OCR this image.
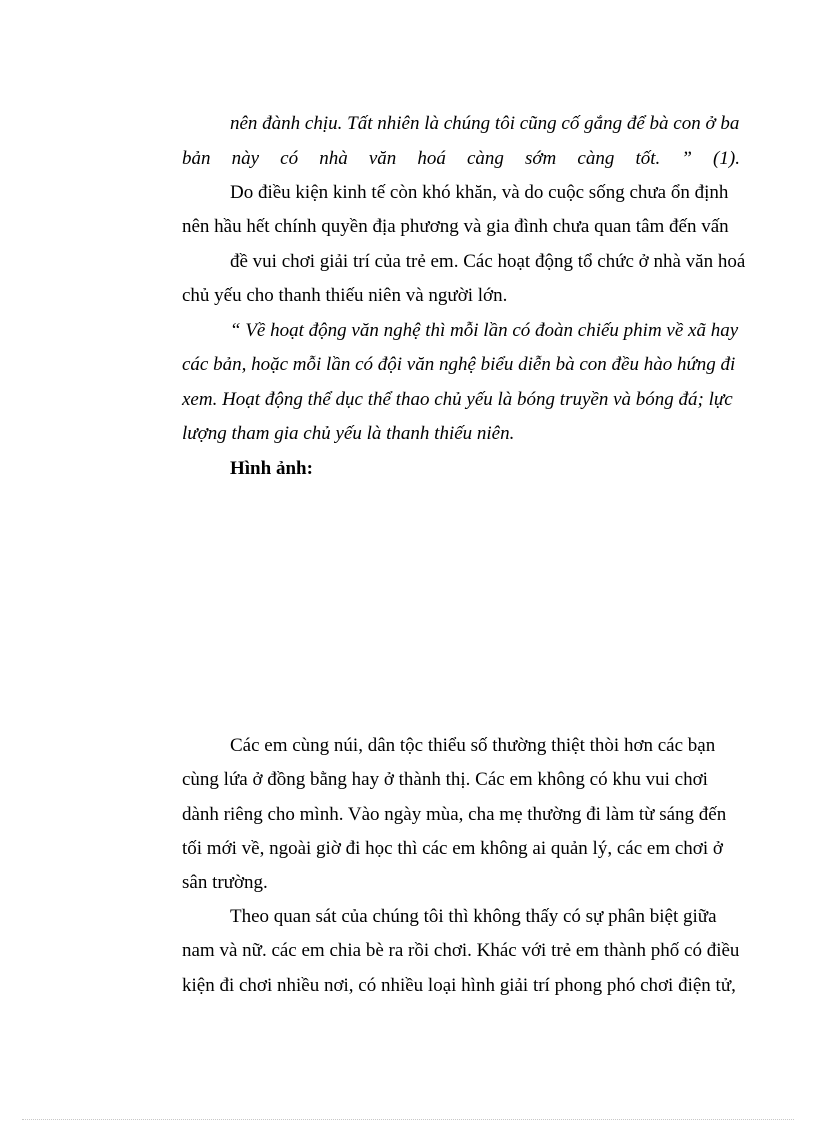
nên đành chịu. Tất nhiên là chúng tôi cũng cố gắng để bà con ở ba
bản này có nhà văn hoá càng sớm càng tốt. ” (1).
Do điều kiện kinh tế còn khó khăn, và do cuộc sống chưa ổn định
nên hầu hết chính quyền địa phương và gia đình chưa quan tâm đến vấn
đề vui chơi giải trí của trẻ em. Các hoạt động tổ chức ở nhà văn hoá
chủ yếu cho thanh thiếu niên và người lớn.
“ Về hoạt động văn nghệ thì mỗi lần có đoàn chiếu phim về xã hay
các bản, hoặc mỗi lần có đội văn nghệ biểu diễn bà con đều hào hứng đi
xem. Hoạt động thể dục thể thao chủ yếu là bóng truyền và bóng đá; lực
lượng tham gia chủ yếu là thanh thiếu niên.
Hình ảnh:
Các em cùng núi, dân tộc thiểu số thường thiệt thòi hơn các bạn
cùng lứa ở đồng bằng hay ở thành thị. Các em không có khu vui chơi
dành riêng cho mình. Vào ngày mùa, cha mẹ thường đi làm từ sáng đến
tối mới về, ngoài giờ đi học thì các em không ai quản lý, các em chơi ở
sân trường.
Theo quan sát của chúng tôi thì không thấy có sự phân biệt giữa
nam và nữ. các em chia bè ra rồi chơi. Khác với trẻ em thành phố có điều
kiện đi chơi nhiều nơi, có nhiều loại hình giải trí phong phó chơi điện tử,
